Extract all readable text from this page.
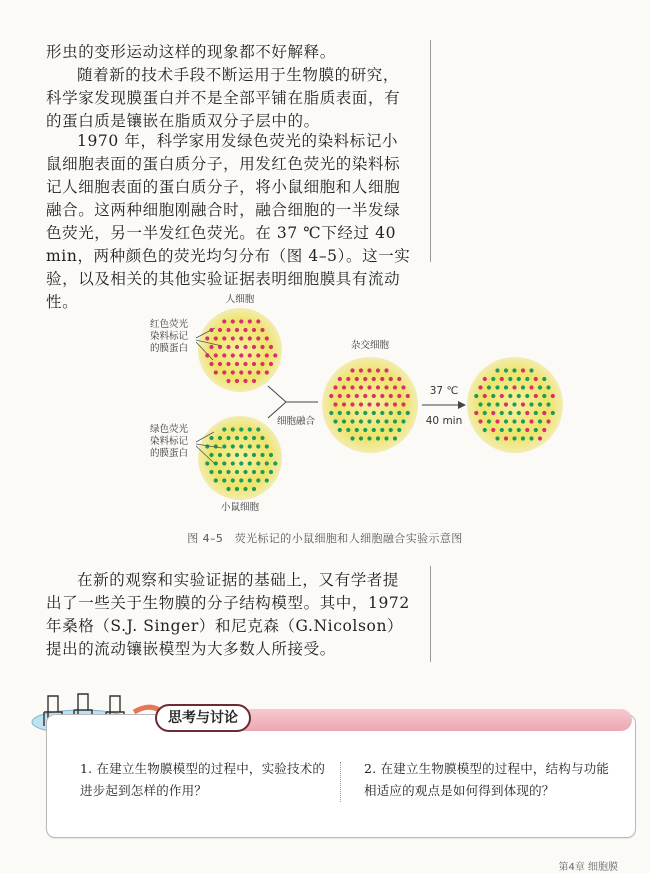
形虫的变形运动这样的现象都不好解释。

随着新的技术手段不断运用于生物膜的研究，科学家发现膜蛋白并不是全部平铺在脂质表面，有的蛋白质是镶嵌在脂质双分子层中的。

1970 年，科学家用发绿色荧光的染料标记小鼠细胞表面的蛋白质分子，用发红色荧光的染料标记人细胞表面的蛋白质分子，将小鼠细胞和人细胞融合。这两种细胞刚融合时，融合细胞的一半发绿色荧光，另一半发红色荧光。在 37 ℃下经过 40 min，两种颜色的荧光均匀分布（图 4–5）。这一实验，以及相关的其他实验证据表明细胞膜具有流动性。	人细胞
红色荧光
染料标记
的膜蛋白
绿色荧光
染料标记
的膜蛋白
小鼠细胞
细胞融合
杂交细胞
37 ℃
40 min
图 4–5　荧光标记的小鼠细胞和人细胞融合实验示意图

在新的观察和实验证据的基础上，又有学者提出了一些关于生物膜的分子结构模型。其中，1972 年桑格（S.J. Singer）和尼克森（G.Nicolson）提出的流动镶嵌模型为大多数人所接受。

思考与讨论
1. 在建立生物膜模型的过程中，实验技术的进步起到怎样的作用？
2. 在建立生物膜模型的过程中，结构与功能相适应的观点是如何得到体现的？
第4章 细胞膜
